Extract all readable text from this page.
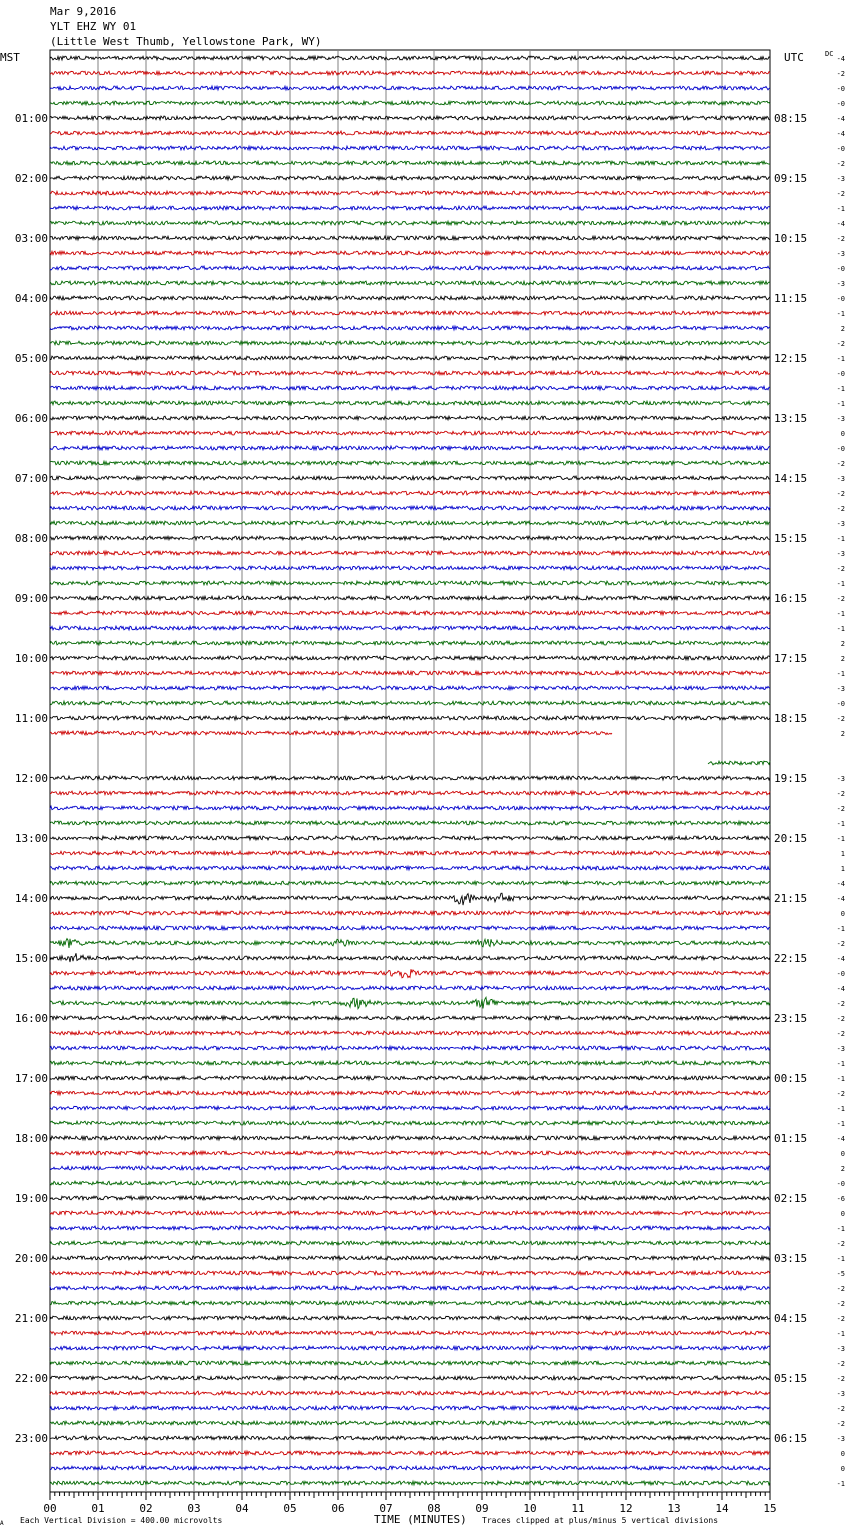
Mar 9,2016
YLT EHZ WY 01
(Little West Thumb, Yellowstone Park, WY)
MST	UTC	DC
01:00
02:00
03:00
04:00
05:00
06:00
07:00
08:00
09:00
10:00
11:00
12:00
13:00
14:00
15:00
16:00
17:00
18:00
19:00
20:00
21:00
22:00
23:00
08:15
09:15
10:15
11:15
12:15
13:15
14:15
15:15
16:15
17:15
18:15
19:15
20:15
21:15
22:15
23:15
00:15
01:15
02:15
03:15
04:15
05:15
06:15
-4
-2
-0
-0
-4
-4
-0
-2
-3
-2
-1
-4
-2
-3
-0
-3
-0
-1
2
-2
-1
-0
-1
-1
-3
0
-0
-2
-3
-2
-2
-3
-1
-3
-2
-1
-2
-1
-1
2
2
-1
-3
-0
-2
2
-3
-2
-2
-1
-1
1
1
-4
-4
0
-1
-2
-4
-0
-4
-2
-2
-2
-3
-1
-1
-2
-1
-1
-4
0
2
-0
-6
0
-1
-2
-1
-5
-2
-2
-2
-1
-3
-2
-2
-3
-2
-2
-3
0
0
-1
00	01	02	03	04	05	06	07	08	09	10	11	12	13	14	15
A Each Vertical Division = 400.00 microvolts	TIME (MINUTES) Traces clipped at plus/minus 5 vertical divisions
